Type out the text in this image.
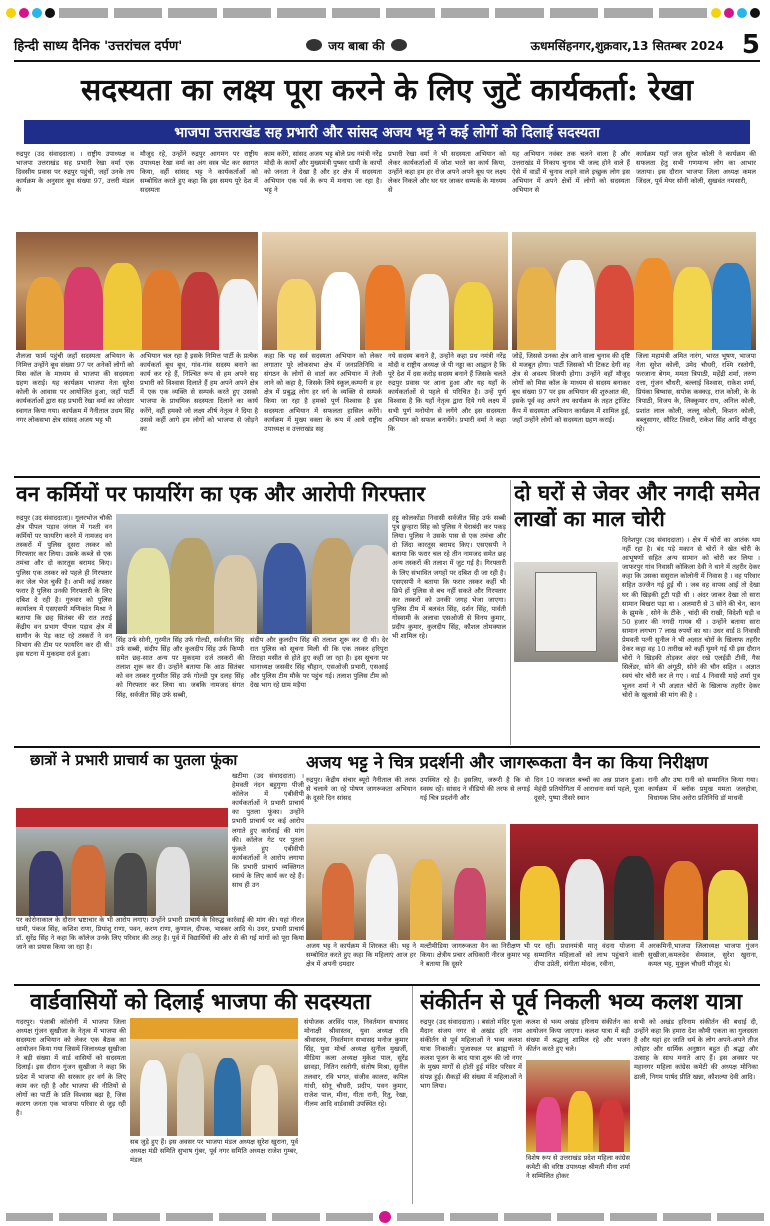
हिन्दी साध्य दैनिक 'उत्तरांचल दर्पण'	जय बाबा की	ऊधमसिंहनगर,शुक्रवार,13 सितम्बर 2024 5
सदस्यता का लक्ष्य पूरा करने के लिए जुटें कार्यकर्ता: रेखा
भाजपा उत्तराखंड सह प्रभारी और सांसद अजय भट्ट ने कई लोगों को दिलाई सदस्यता
रुद्रपुर (उद संवाददाता) । राष्ट्रीय उपाध्यक्ष व भाजपा उत्तराखंड सह प्रभारी रेखा वर्मा एक दिवसीय प्रवास पर रुद्रपुर पहुंची, जहाँ उनके तय कार्यक्रम के अनुसार बूथ संख्या 97, उत्तरी मंडल के
मौजूद रहे, उन्होंने रुद्रपुर आगमन पर राष्ट्रीय उपाध्यक्ष रेखा वर्मा का अंग वस्त्र भेंट कर स्वागत किया, वहीं सांसद भट्ट ने कार्यकर्ताओं को सम्बोधित करते हुए कहा कि इस समय पूरे देश में सदस्यता
काम करेंगे, सांसद अजय भट्ट बोले प्रध नमंत्री नरेंद्र मोदी के कार्यों और मुख्यमंत्री पुष्कर धामी के कार्यों को जनता ने देखा है और हर क्षेत्र में सदस्यता अभियान एक पर्व के रूप में मनाया जा रहा है। भट्ट ने
प्रभारी रेखा वर्मा ने भी सदस्यता अभियान को लेकर कार्यकर्ताओं में जोश भरते का कार्य किया, उन्होंने कहा हम हर रोज अपने अपने बूथ पर लक्ष्य लेकर निकले और घर घर जाकर सम्पर्क के माध्यम से
यह अभियान नवंबर तक चलने वाला है और उत्तराखंड में निकाय चुनाव भी जल्द होने वाले हैं ऐसे में वार्डों में चुनाव लड़ने वाले इच्छुक लोग इस अभियान में अपने क्षेत्रों में लोगों को सदस्यता अभियान से
कार्यक्रम यहाँ जज सुरेश कोली ने कार्यक्रम की सफलता हेतु सभी गणमान्य लोग का आभार जताया। इस दौरान भाजपा जिला अध्यक्ष कमल जिंदल, पूर्व मेयर सोनी कोली, सुखवंत नमसारी,
शैलजा फार्म पहुंची जहाँ सदस्यता अभियान के निमित्त उन्होंने बूथ संख्या 97 पर अनेकों लोगों को मिस कॉल के माध्यम से भाजपा की सदस्यता ग्रहण कराई। यह कार्यक्रम भाजपा नेता सुरेश कोली के आवास पर आयोजित हुआ, जहाँ पार्टी कार्यकर्ताओं द्वारा सह प्रभारी रेखा वर्मा का जोरदार स्वागत किया गया। कार्यक्रम में नैनीताल उधम सिंह नगर लोकसभा क्षेत्र सांसद अजय भट्ट भी
अभियान चल रहा है इसके निमित्त पार्टी के प्रत्येक कार्यकर्ता बूथ बूथ, गांव-गांव सदस्य बनाने का कार्य कर रहे हैं, निश्चित रूप से हम अपने सह प्रभारी को विश्वास दिलाते हैं हम अपने अपने क्षेत्र में एक एक व्यक्ति से सम्पर्क करते हुए उसको भाजपा के प्राथमिक सदस्यता दिलाने का कार्य करेंगे, वहीं हमको जो लक्ष्य शीर्ष नेतृत्व ने दिया है उससे कहीं आगे हम लोगों को भाजपा से जोड़ने का
कहा कि यह सर्व सदस्यता अभियान को लेकर लगातार पूरे लोकसभा क्षेत्र में जनप्रतिनिधि व संगठन के लोगों से वार्ता कर अभियान में तेजी लाने को कहा है, जिसके लिये स्कूल,कम्पनी व हर क्षेत्र में प्रबुद्ध लोग हर वर्ग के व्यक्ति से सम्पर्क किया जा रहा है हमको पूर्ण विश्वास है इस सदस्यता अभियान में सफलता हासिल करेंगे। कार्यक्रम में मुख्य वक्ता के रूप में आये राष्ट्रीय उपाध्यक्ष व उत्तराखंड सह
नये सदस्य बनाने है, उन्होंने कहा प्रध नमंत्री नरेंद्र मोदी व राष्ट्रीय अध्यक्ष जे पी नड्डा का आह्वान है कि पूरे देश में दस करोड़ सदस्य बनाने हैं जिसके चलते रुद्रपुर प्रवास पर आना हुआ और यह यहाँ के कार्यकर्ताओं से पहले से परिचित है। उन्हें पूर्ण विश्वास है कि यहाँ नेतृत्व द्वारा दिये गये लक्ष्य में सभी पूर्ण मनोयोग से लगेंगे और इस सदस्यता अभियान को सफल बनायेंगे। प्रभारी वर्मा ने कहा कि
जोड़ें, जिससे उनका क्षेत्र आने वाला चुनाव की दृष्टि से मजबूत होगा। पार्टी जिसको भी टिकट देगी वह क्षेत्र से अवश्य विजयी होगा। उन्होंने वहाँ मौजूद लोगों को मिस कॉल के माध्यम से सदस्य बनाकर बूथ संख्या 97 पर इस अभियान की शुरुआत की, इसके पूर्व वह अपने तय कार्यक्रम के तहत ट्रांजिट कैंप में सदस्यता अभियान कार्यक्रम में शामिल हुईं, जहाँ उन्होंने लोगों को सदस्यता ग्रहण कराई।
जिला महामंत्री अमित नारंग, भारत भूषण, भाजपा नेता सुरेश कोली, उमेद चौधरी, रश्मि रस्तोगी, फरजाना बेगम, ममता त्रिपाठी, महेंद्री शर्मा, तरुण दत्ता, गुंजन चौधरी, बल्लाई विश्वास, राकेश शर्मा, प्रियंका बिष्वास, सपोक कक्कड़, राज कोली, के के त्रिपाठी, विजय के, लिक्कुमार राय, अनिल कोली, प्रशांत लाल कोली, लल्लू कोली, किशन कोली, बब्लूसागर, सौरिट तिवारी, राकेश सिंह आदि मौजूद रहे।
वन कर्मियों पर फायरिंग का एक और आरोपी गिरफ्तार
रुद्रपुर (उद संवाददाता)। गूलरभोज चौकी क्षेत्र पीपल पड़ाव जंगल में गश्ती वन कर्मियों पर फायरिंग करने में नामजद वन तस्करों में पुलिस दूसरा तस्कर को गिरफ्तार कर लिया। उसके कब्जे से एक तमंचा और दो कारतूस बरामद किए। पुलिस एक तस्कर को पहले ही गिरफ्तार कर जेल भेज चुकी है। अभी कई तस्कर फरार है पुलिस उनकी गिरफ्तारी के लिए दबिश दे रही है। गुरुवार को पुलिस कार्यालय में एसएसपी मणिकांत मिश्रा ने बताया कि छह सितंबर की रात तराई केंद्रीय वन प्रभाग पीपल पड़ाव क्षेत्र में सागौन के पेड़ काट रहे तस्करों ने वन विभाग की टीम पर फायरिंग कर दी थी। इस घटना में मुकदमा दर्ज हुआ।
सिंह उर्फ सोनी, गुरमीत सिंह उर्फ गोल्डी, सर्वजीत सिंह उर्फ सब्बी, संदीप सिंह और कुलदीप सिंह उर्फ किप्पी समेत छह-सात अन्य पर मुकदमा दर्ज तस्करों की तलाश शुरू कर दी। उन्होंने बताया कि आठ सितंबर को वन तस्कर गुरमीत सिंह उर्फ गोल्डी पुत्र दलह सिंह को गिरफ्तार कर लिया था। जबकि नामजद संगत सिंह, सर्वजीत सिंह उर्फ सब्बी,
संदीप और कुलदीप सिंह की तलाश शुरू कर दी थी। देर रात पुलिस को सूचना मिली थी कि एक तस्कर हरिपुरा तिराहा मसीत से होते हुए कहीं जा रहा है। इस सूचना पर थानाध्यक्ष जसवीर सिंह चौहान, एसओजी प्रभारी, एसआई और पुलिस टीम मौके पर पहुंच गई। तलाश पुलिस टीम को देख भाग रहे ग्राम मड़ैया
हट्टू कोलकोंडा निवासी सर्वजीत सिंह उर्फ सब्बी पुत्र छुन्हारा सिंह को पुलिस ने घेराबंदी कर पकड़ लिया। पुलिस ने उसके पास से एक तमंचा और दो जिंदा कारतूस बरामद किए। एसएसपी ने बताया कि फरार चल रहे तीन नामजद समेत छह अन्य तस्करों की तलाश में जुट गई है। गिरफ्तारी के लिए संभावित जगहों पर दबिश दी जा रही है। एसएसपी ने बताया कि फरार तस्कर कहीं भी छिपे हों पुलिस से बच नहीं सकते और गिरफ्तार कर तस्करों को उनकी जगह भेजा जाएगा। पुलिस टीम में बलवंत सिंह, दर्शन सिंह, पार्वती गोस्वामी के अलावा एसओजी से विनय कुमार, प्रदीप कुमार, कुलदीप सिंह, कौशल तोमक्याल भी शामिल रहे।
दो घरों से जेवर और नगदी समेत लाखों का माल चोरी
दिनेशपुर (उद संवाददाता) । क्षेत्र में चोरों का आतंक थम नहीं रहा है। बंद पड़े मकान से चोरों ने खेत चोरी के आभूषणों सहित अन्य सामान को चोरी कर लिया । जाफरपुर गांव निवासी कोकिला देवी ने थाने में तहरीर देकर कहा कि उसका ससुराल कोलोनी में निवास है । वह परिवार सहित उज्जैन गई हुई थी । जब वह वापस आई तो देखा घर की खिड़की टूटी पड़ी थी । अंदर जाकर देखा तो सारा सामान बिखरा पड़ा था । अलमारी से 3 सोने की चेन, कान के झुमके , सोने के टीके , चांदी की राखी, विदेशी घड़ी व 50 हजार की नगदी गायब थी । उन्होंने बताया सारा सामान लगभग 7 लाख रुपयों का था। उधर वार्ड 8 निवासी प्रेमवती पत्नी सुनील ने भी अज्ञात चोरों के खिलाफ तहरीर देकर कहा वह 10 तारीख को कहीं घूमने गई थी इस दौरान चोरों ने खिड़की तोड़कर अंदर रखे एलईडी टीवी, गैस सिलेंडर, सोने की अंगूठी, सोने की चौन सहित । अज्ञात स्वयं चोर चोरी कर ले गए । वार्ड 4 निवासी माहे शर्मा पुत्र भूलन शर्मा ने भी अज्ञात चोरों के खिलाफ तहरीर देकर चोरों के खुलासे की मांग की है ।
छात्रों ने प्रभारी प्राचार्य का पुतला फूंका
खटीमा (उद संवाददाता) । हेमवती नंदन बहुगुणा पीजी कॉलेज में एबीवीपी कार्यकर्ताओं ने प्रभारी प्राचार्य का पुतला फूंका। उन्होंने प्रभारी प्राचार्य पर कई आरोप लगाते हुए कार्रवाई की मांग की। कॉलेज गेट पर पुतला फूंकते हुए एबीवीपी कार्यकर्ताओं ने आरोप लगाया कि प्रभारी प्राचार्य व्यक्तिगत स्वार्थ के लिए कार्य कर रहे हैं। साथ ही उन
पर कोरोनाकाल के दौरान भ्रष्टाचार के भी आरोप लगाए। उन्होंने प्रभारी प्राचार्य के विरुद्ध कार्रवाई की मांग की। यहां नीरज धामी, पंकज सिंह, कशिश राणा, प्रियांशु राणा, पवन, करण राणा, कुणाल, दीपक, भास्कर आदि थे। उधर, प्रभारी प्राचार्य डॉ. सुरेंद्र सिंह ने कहा कि कॉलेज उनके लिए परिवार की तरह है। पूर्व में विद्यार्थियों की ओर से की गई मांगों को पूरा किया जाने का प्रयास किया जा रहा है।
अजय भट्ट ने चित्र प्रदर्शनी और जागरूकता वैन का किया निरीक्षण
रुद्रपुर। केंद्रीय संचार ब्यूरो नैनीताल की तरफ से चलाये जा रहे पोषण जागरूकता अभियान के दूसरे दिन सांसद
उपस्थित रहे है। इसलिए, जरूरी है कि वो स्वस्थ रहें। सांसद ने वीडियो की तरफ से लगाई गई चित्र प्रदर्शनी और
दिन 10 नवजात बच्चों का अन्न प्राशन हुआ। मेहंदी प्रतियोगिता में आराधना वर्मा पहले, पूजा दूसरे, पुष्पा तीसरे स्थान
रानी और उषा रानी को सम्मानित किया गया। कार्यक्रम में ब्लॉक प्रमुख ममता जलहोत्रा, विधायक शिव अरोरा प्रतिनिधि डॉ माधवी
अजय भट्ट ने कार्यक्रम में शिरकत की। भट्ट ने सम्बोधित करते हुए कहा कि महिलाएं आज हर क्षेत्र में अपनी दमदार
मल्टीमीडिया जागरूकता वैन का निरीक्षण भी किया। क्षेत्रीय प्रचार अधिकारी नीरज कुमार भट्ट ने बताया कि दूसरे
पर रहीं। प्रधानमंत्री मातृ वंदना योजना में सम्मानित महिलाओं को लाभ पहुंचाने वाली दीपा उप्रेती, संगीता मोदक, रवीना,
अरकमिनी,भाजपा जिलाध्यक्ष भाजपा गुंजन सुखीजा,कमलदेव सेमवाल, सुरेश खुराना, कमल भट्ट, मुकुल चौधरी मौजूद थे।
वार्डवासियों को दिलाई भाजपा की सदस्यता
गदरपुर। पंजाबी कॉलोनी में भाजपा जिला अध्यक्ष गुंजन सुखीजा के नेतृत्व में भाजपा की सदस्यता अभियान को लेकर एक बैठक का आयोजन किया गया जिसमें जिलाध्यक्ष सुखीजा ने बड़ी संख्या में वार्ड वासियों को सदस्यता दिलाई। इस दौरान गुंजन सुखीजा ने कहा कि प्रदेश में भाजपा की सरकार हर वर्ग के लिए काम कर रही है और भाजपा की नीतियों से लोगों का पार्टी के प्रति विश्वास बढ़ा है, जिस कारण जनता एक भाजपा परिवार से जुड़ रही है।
सब जुड़े हुए हैं। इस अवसर पर भाजपा मंडल अध्यक्ष सुरेश खुराना, पूर्व अध्यक्ष मंडी समिति सुभाष गुंबर, पूर्व नगर समिति अध्यक्ष राजेश गुम्बर, मंडल
संयोजक अरविंद पाल, निवर्तमान सभासद मोनाक्षी श्रीवास्तव, युवा अध्यक्ष रवि श्रीवास्तव, निवर्तमान सभासद मनोज कुमार सिंह, युवा मोर्चा अध्यक्ष सुनील मुखर्जी, मीडिया कला अध्यक्ष मुकेश पाल, सुरेंद्र छावड़ा, नितिन रस्तोगी, संतोष मिश्रा, सुनील तलवार, रवि भगत, संजीव कालरा, कपिल गांधी, सोनू चौधरी, प्रदीप, पवन कुमार, राजेश पाल, मीना, गीता रानी, रितु, रेखा, नीलम आदि वार्डवासी उपस्थित रहे।
संकीर्तन से पूर्व निकली भव्य कलश यात्रा
रुद्रपुर (उद संवाददाता) । बसंतो मंदिर पूजा मैदान संजय नगर से अखंड हरि नाम संकीर्तन से पूर्व महिलाओं ने भव्य कलश यात्रा निकाली। पूजास्थल पर ब्राह्मणों ने कलश पूजन के बाद यात्रा शुरू की जो नगर के मुख्य मार्गों से होती हुई मंदिर परिसर में संपन्न हुई। सैकड़ों की संख्या में महिलाओं ने भाग लिया।
कलश से भव्य अखंड हरिनाम संकीर्तन का आयोजन किया जाएगा। कलश यात्रा में बड़ी संख्या में श्रद्धालु शामिल रहे और भजन कीर्तन करते हुए चले।
विशेष रूप से उत्तराखंड प्रदेश महिला कांग्रेस कमेटी की वरिष्ठ उपाध्यक्ष श्रीमती मीना शर्मा ने सम्मिलित होकर
सभी को अखंड हरिनाम संकीर्तन की बधाई दी, उन्होंने कहा कि हमारा देश कौमी एकता का गुलदस्ता है और यहां हर जाति धर्म के लोग अपने-अपने तीज त्योहार और धार्मिक अनुष्ठान बहुत ही श्रद्धा और उत्साह के साथ मनाते आए हैं। इस अवसर पर महानगर महिला कांग्रेस कमेटी की अध्यक्ष मोनिका ढाली, निगम पार्षद प्रीति खन्ना, कौशल्या देवी आदि।
